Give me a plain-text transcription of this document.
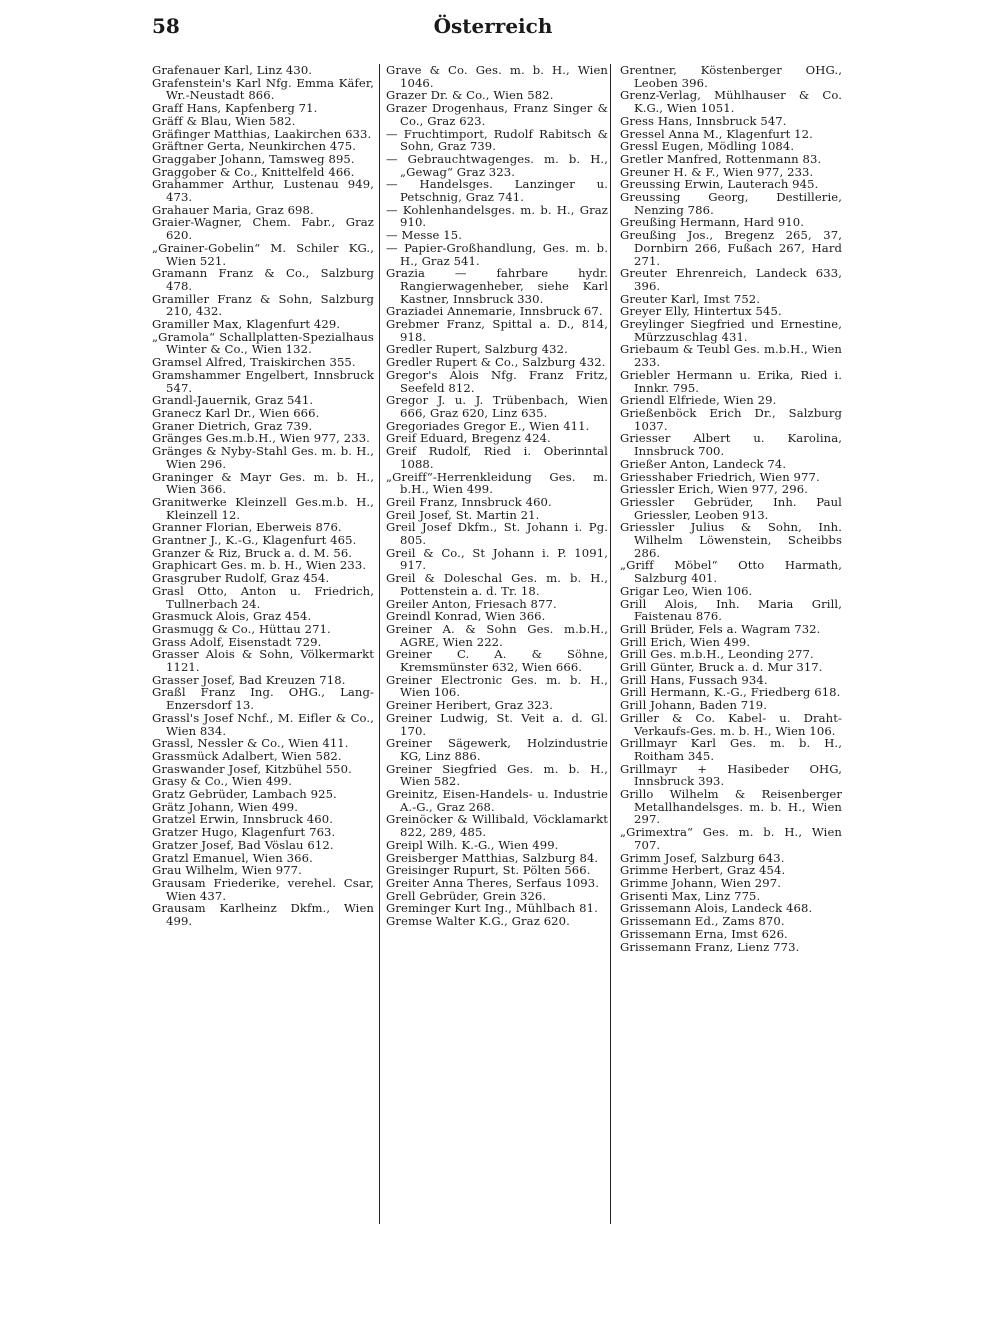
Österreich
58

Grafenauer Karl, Linz 430.

Grafenstein's Karl Nfg. Emma Käfer, Wr.-Neustadt 866.

Graff Hans, Kapfenberg 71.

Gräff & Blau, Wien 582.

Gräfinger Matthias, Laakirchen 633.

Gräftner Gerta, Neunkirchen 475.

Graggaber Johann, Tamsweg 895.

Graggober & Co., Knittelfeld 466.

Grahammer Arthur, Lustenau 949, 473.

Grahauer Maria, Graz 698.

Graier-Wagner, Chem. Fabr., Graz 620.

„Grainer-Gobelin“ M. Schiler KG., Wien 521.

Gramann Franz & Co., Salzburg 478.

Gramiller Franz & Sohn, Salzburg 210, 432.

Gramiller Max, Klagenfurt 429.

„Gramola“ Schallplatten-Spezialhaus Winter & Co., Wien 132.

Gramsel Alfred, Traiskirchen 355.

Gramshammer Engelbert, Innsbruck 547.

Grandl-Jauernik, Graz 541.

Granecz Karl Dr., Wien 666.

Graner Dietrich, Graz 739.

Gränges Ges.m.b.H., Wien 977, 233.

Gränges & Nyby-Stahl Ges. m. b. H., Wien 296.

Graninger & Mayr Ges. m. b. H., Wien 366.

Granitwerke Kleinzell Ges.m.b. H., Kleinzell 12.

Granner Florian, Eberweis 876.

Grantner J., K.-G., Klagenfurt 465.

Granzer & Riz, Bruck a. d. M. 56.

Graphicart Ges. m. b. H., Wien 233.

Grasgruber Rudolf, Graz 454.

Grasl Otto, Anton u. Friedrich, Tullnerbach 24.

Grasmuck Alois, Graz 454.

Grasmugg & Co., Hüttau 271.

Grass Adolf, Eisenstadt 729.

Grasser Alois & Sohn, Völkermarkt 1121.

Grasser Josef, Bad Kreuzen 718.

Graßl Franz Ing. OHG., Lang-Enzersdorf 13.

Grassl's Josef Nchf., M. Eifler & Co., Wien 834.

Grassl, Nessler & Co., Wien 411.

Grassmück Adalbert, Wien 582.

Graswander Josef, Kitzbühel 550.

Grasy & Co., Wien 499.

Gratz Gebrüder, Lambach 925.

Grätz Johann, Wien 499.

Gratzel Erwin, Innsbruck 460.

Gratzer Hugo, Klagenfurt 763.

Gratzer Josef, Bad Vöslau 612.

Gratzl Emanuel, Wien 366.

Grau Wilhelm, Wien 977.

Grausam Friederike, verehel. Csar, Wien 437.

Grausam Karlheinz Dkfm., Wien 499.

Grave & Co. Ges. m. b. H., Wien 1046.

Grazer Dr. & Co., Wien 582.

Grazer Drogenhaus, Franz Singer & Co., Graz 623.

— Fruchtimport, Rudolf Rabitsch & Sohn, Graz 739.

— Gebrauchtwagenges. m. b. H., „Gewag“ Graz 323.

— Handelsges. Lanzinger u. Petschnig, Graz 741.

— Kohlenhandelsges. m. b. H., Graz 910.

— Messe 15.

— Papier-Großhandlung, Ges. m. b. H., Graz 541.

Grazia — fahrbare hydr. Rangierwagenheber, siehe Karl Kastner, Innsbruck 330.

Graziadei Annemarie, Innsbruck 67.

Grebmer Franz, Spittal a. D., 814, 918.

Gredler Rupert, Salzburg 432.

Gredler Rupert & Co., Salzburg 432.

Gregor's Alois Nfg. Franz Fritz, Seefeld 812.

Gregor J. u. J. Trübenbach, Wien 666, Graz 620, Linz 635.

Gregoriades Gregor E., Wien 411.

Greif Eduard, Bregenz 424.

Greif Rudolf, Ried i. Oberinntal 1088.

„Greiff“-Herrenkleidung Ges. m. b.H., Wien 499.

Greil Franz, Innsbruck 460.

Greil Josef, St. Martin 21.

Greil Josef Dkfm., St. Johann i. Pg. 805.

Greil & Co., St Johann i. P. 1091, 917.

Greil & Doleschal Ges. m. b. H., Pottenstein a. d. Tr. 18.

Greiler Anton, Friesach 877.

Greindl Konrad, Wien 366.

Greiner A. & Sohn Ges. m.b.H., AGRE, Wien 222.

Greiner C. A. & Söhne, Kremsmünster 632, Wien 666.

Greiner Electronic Ges. m. b. H., Wien 106.

Greiner Heribert, Graz 323.

Greiner Ludwig, St. Veit a. d. Gl. 170.

Greiner Sägewerk, Holzindustrie KG, Linz 886.

Greiner Siegfried Ges. m. b. H., Wien 582.

Greinitz, Eisen-Handels- u. Industrie A.-G., Graz 268.

Greinöcker & Willibald, Vöcklamarkt 822, 289, 485.

Greipl Wilh. K.-G., Wien 499.

Greisberger Matthias, Salzburg 84.

Greisinger Rupurt, St. Pölten 566.

Greiter Anna Theres, Serfaus 1093.

Grell Gebrüder, Grein 326.

Greminger Kurt Ing., Mühlbach 81.

Gremse Walter K.G., Graz 620.

Grentner, Köstenberger OHG., Leoben 396.

Grenz-Verlag, Mühlhauser & Co. K.G., Wien 1051.

Gress Hans, Innsbruck 547.

Gressel Anna M., Klagenfurt 12.

Gressl Eugen, Mödling 1084.

Gretler Manfred, Rottenmann 83.

Greuner H. & F., Wien 977, 233.

Greussing Erwin, Lauterach 945.

Greussing Georg, Destillerie, Nenzing 786.

Greußing Hermann, Hard 910.

Greußing Jos., Bregenz 265, 37, Dornbirn 266, Fußach 267, Hard 271.

Greuter Ehrenreich, Landeck 633, 396.

Greuter Karl, Imst 752.

Greyer Elly, Hintertux 545.

Greylinger Siegfried und Ernestine, Mürzzuschlag 431.

Griebaum & Teubl Ges. m.b.H., Wien 233.

Griebler Hermann u. Erika, Ried i. Innkr. 795.

Griendl Elfriede, Wien 29.

Grießenböck Erich Dr., Salzburg 1037.

Griesser Albert u. Karolina, Innsbruck 700.

Grießer Anton, Landeck 74.

Griesshaber Friedrich, Wien 977.

Griessler Erich, Wien 977, 296.

Griessler Gebrüder, Inh. Paul Griessler, Leoben 913.

Griessler Julius & Sohn, Inh. Wilhelm Löwenstein, Scheibbs 286.

„Griff Möbel“ Otto Harmath, Salzburg 401.

Grigar Leo, Wien 106.

Grill Alois, Inh. Maria Grill, Faistenau 876.

Grill Brüder, Fels a. Wagram 732.

Grill Erich, Wien 499.

Grill Ges. m.b.H., Leonding 277.

Grill Günter, Bruck a. d. Mur 317.

Grill Hans, Fussach 934.

Grill Hermann, K.-G., Friedberg 618.

Grill Johann, Baden 719.

Griller & Co. Kabel- u. Draht-Verkaufs-Ges. m. b. H., Wien 106.

Grillmayr Karl Ges. m. b. H., Roitham 345.

Grillmayr + Hasibeder OHG, Innsbruck 393.

Grillo Wilhelm & Reisenberger Metallhandelsges. m. b. H., Wien 297.

„Grimextra“ Ges. m. b. H., Wien 707.

Grimm Josef, Salzburg 643.

Grimme Herbert, Graz 454.

Grimme Johann, Wien 297.

Grisenti Max, Linz 775.

Grissemann Alois, Landeck 468.

Grissemann Ed., Zams 870.

Grissemann Erna, Imst 626.

Grissemann Franz, Lienz 773.
